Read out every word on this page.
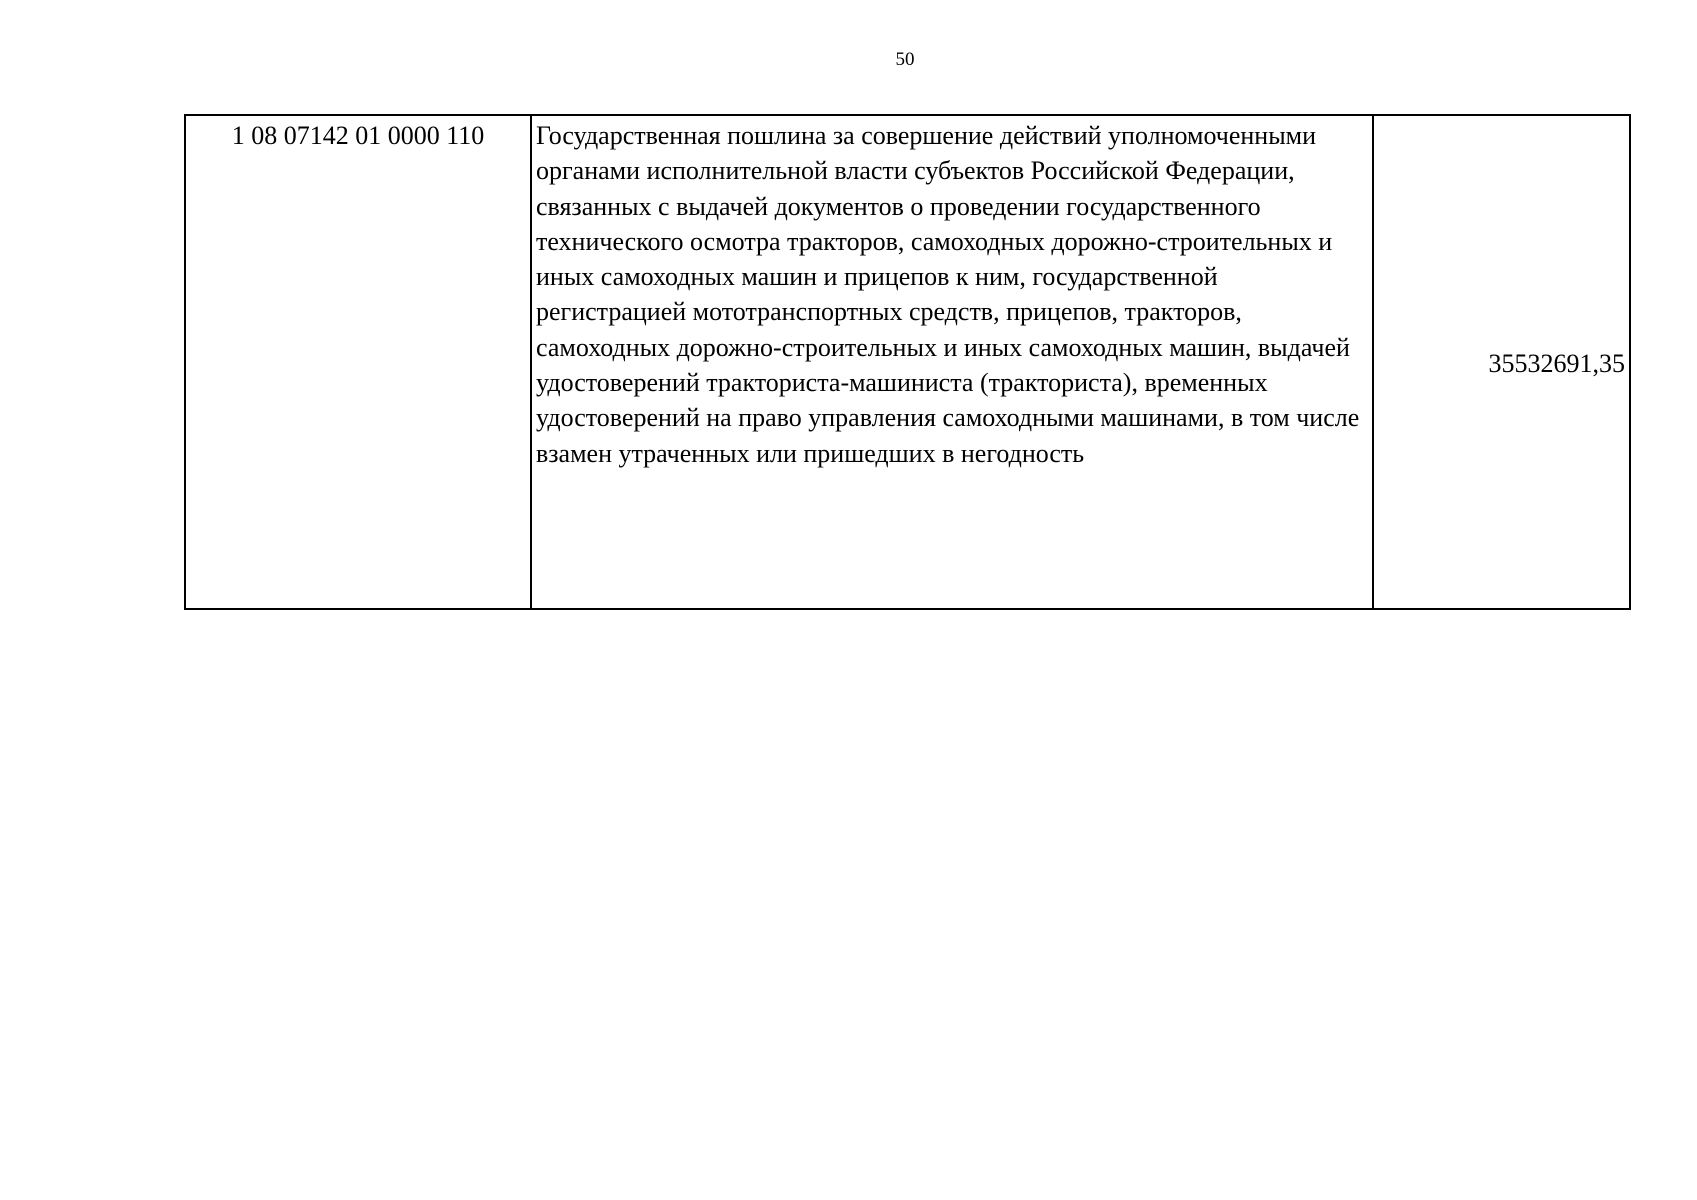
50
1 08 07142 01 0000 110	Государственная пошлина за совершение действий уполномоченными органами исполнительной власти субъектов Российской Федерации, связанных с выдачей документов о проведении государственного технического осмотра тракторов, самоходных дорожно-строительных и иных самоходных машин и прицепов к ним, государственной регистрацией мототранспортных средств, прицепов, тракторов, самоходных дорожно-строительных и иных самоходных машин, выдачей удостоверений тракториста-машиниста (тракториста), временных удостоверений на право управления самоходными машинами, в том числе взамен утраченных или пришедших в негодность	35532691,35
